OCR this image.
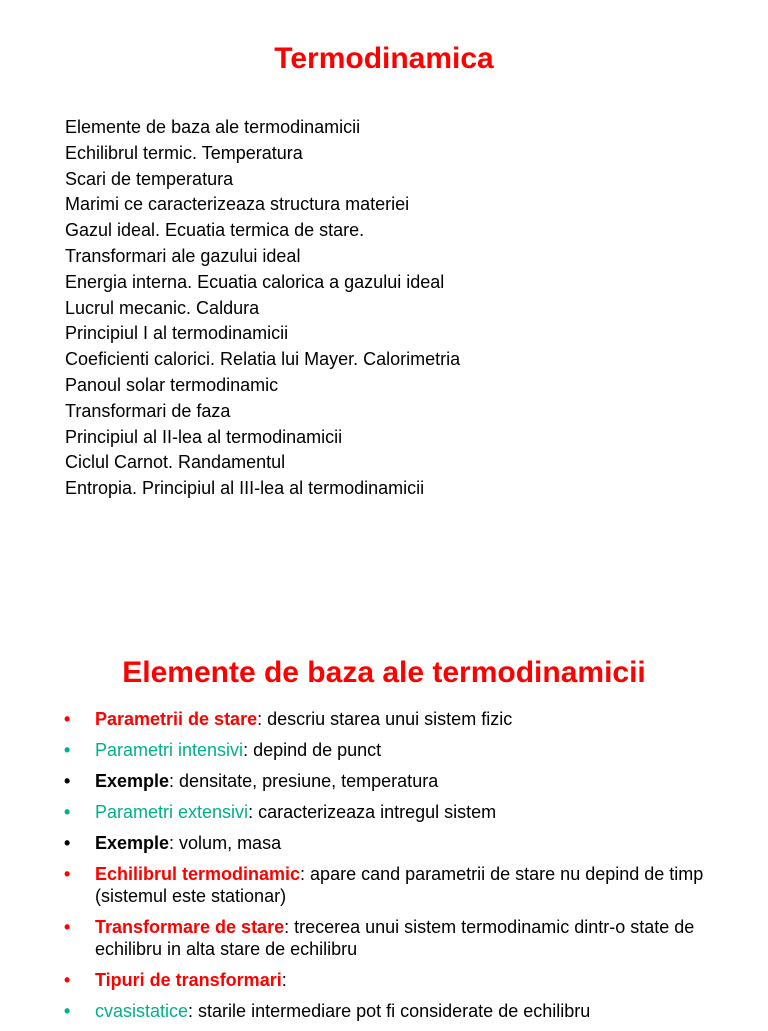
Termodinamica
Elemente de baza ale termodinamicii
Echilibrul termic. Temperatura
Scari de temperatura
Marimi ce caracterizeaza structura materiei
Gazul ideal. Ecuatia termica de stare.
Transformari ale gazului ideal
Energia interna. Ecuatia calorica a gazului ideal
Lucrul mecanic. Caldura
Principiul I al termodinamicii
Coeficienti calorici. Relatia lui Mayer. Calorimetria
Panoul solar termodinamic
Transformari de faza
Principiul al II-lea al termodinamicii
Ciclul Carnot. Randamentul
Entropia. Principiul al III-lea al termodinamicii
Elemente de baza ale termodinamicii
• Parametrii de stare: descriu starea unui sistem fizic
• Parametri intensivi: depind de punct
• Exemple: densitate, presiune, temperatura
• Parametri extensivi: caracterizeaza intregul sistem
• Exemple: volum, masa
• Echilibrul termodinamic: apare cand parametrii de stare nu depind de timp (sistemul este stationar)
• Transformare de stare: trecerea unui sistem termodinamic dintr-o state de echilibru in alta stare de echilibru
• Tipuri de transformari:
• cvasistatice: starile intermediare pot fi considerate de echilibru
